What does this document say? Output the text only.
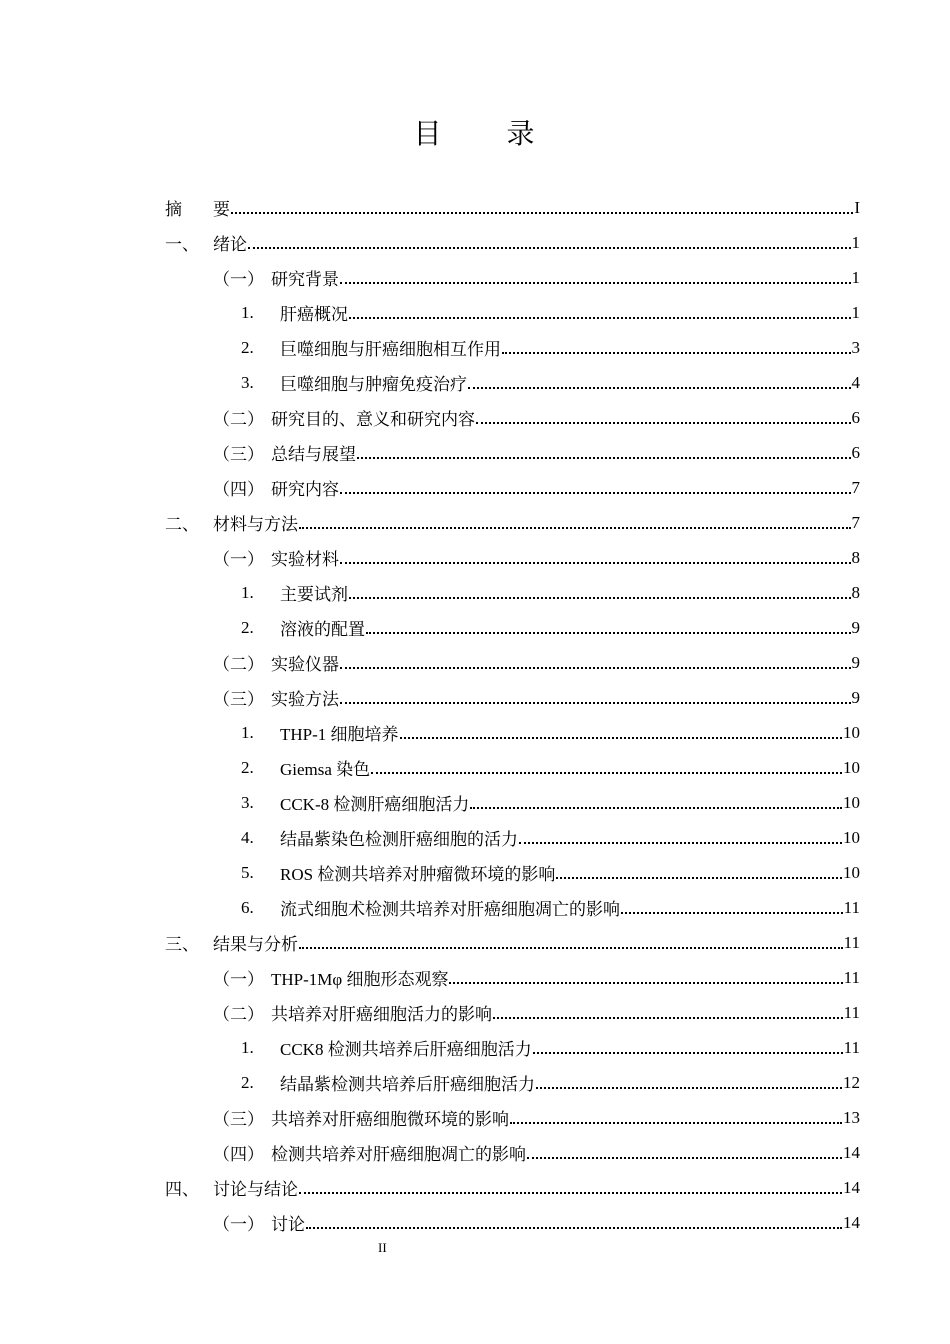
目 录
摘	要	I
一、 绪论	1
（一） 研究背景	1
1.	肝癌概况	1
2.	巨噬细胞与肝癌细胞相互作用	3
3.	巨噬细胞与肿瘤免疫治疗	4
（二） 研究目的、意义和研究内容	6
（三） 总结与展望	6
（四） 研究内容	7
二、 材料与方法	7
（一） 实验材料	8
1.	主要试剂	8
2.	溶液的配置	9
（二） 实验仪器	9
（三） 实验方法	9
1.	THP-1 细胞培养	10
2.	Giemsa 染色	10
3.	CCK-8 检测肝癌细胞活力	10
4.	结晶紫染色检测肝癌细胞的活力	10
5.	ROS 检测共培养对肿瘤微环境的影响	10
6.	流式细胞术检测共培养对肝癌细胞凋亡的影响	11
三、 结果与分析	11
（一） THP-1Mφ 细胞形态观察	11
（二） 共培养对肝癌细胞活力的影响	11
1.	CCK8 检测共培养后肝癌细胞活力	11
2.	结晶紫检测共培养后肝癌细胞活力	12
（三） 共培养对肝癌细胞微环境的影响	13
（四） 检测共培养对肝癌细胞凋亡的影响	14
四、 讨论与结论	14
（一） 讨论	14
II
